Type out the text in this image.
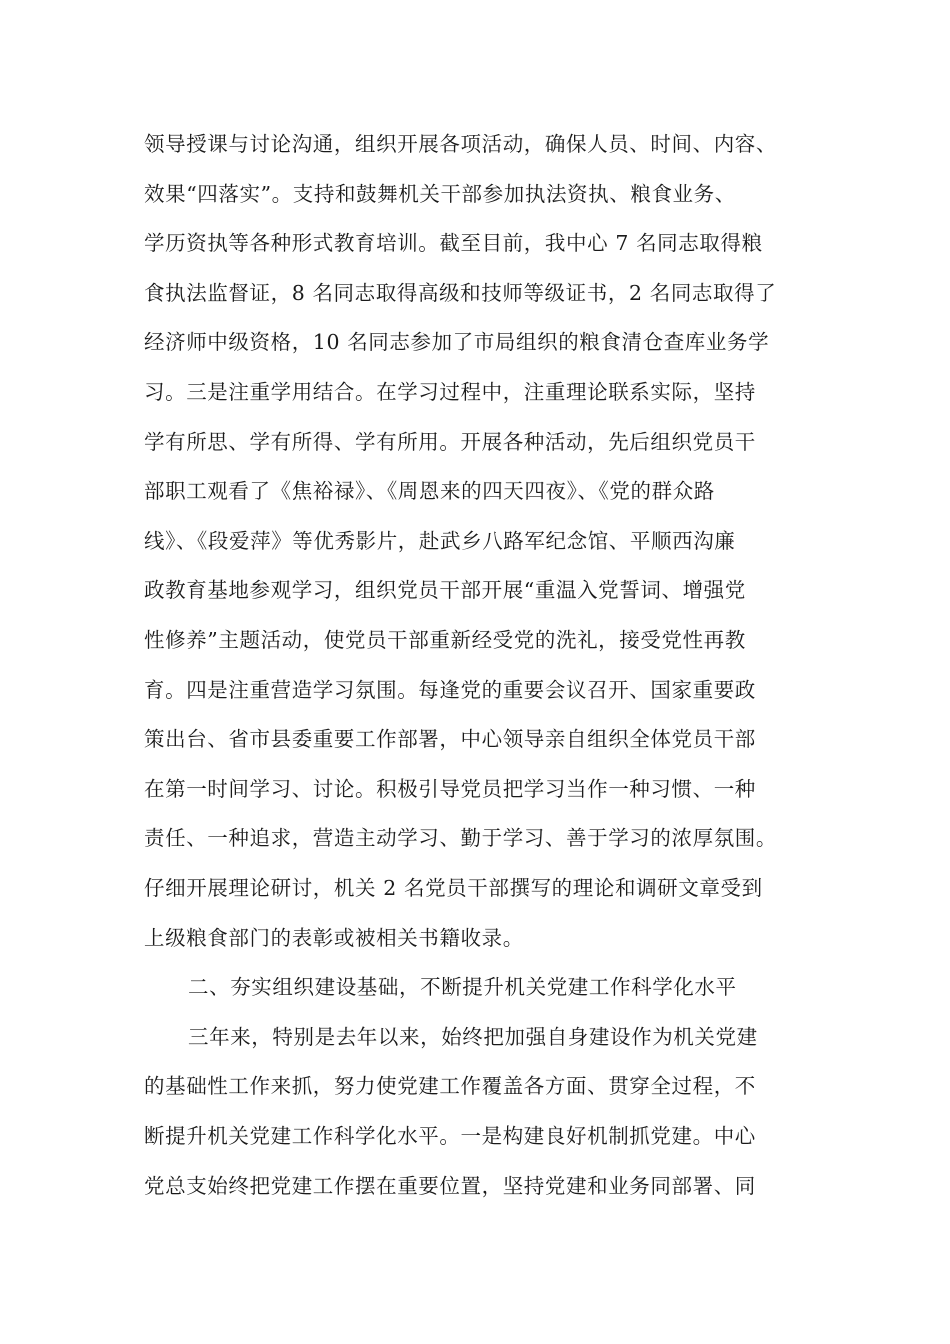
领导授课与讨论沟通，组织开展各项活动，确保人员、时间、内容、
效果“四落实”。支持和鼓舞机关干部参加执法资执、粮食业务、
学历资执等各种形式教育培训。截至目前，我中心 7 名同志取得粮
食执法监督证，8 名同志取得高级和技师等级证书，2 名同志取得了
经济师中级资格，10 名同志参加了市局组织的粮食清仓查库业务学
习。三是注重学用结合。在学习过程中，注重理论联系实际，坚持
学有所思、学有所得、学有所用。开展各种活动，先后组织党员干
部职工观看了《焦裕禄》、《周恩来的四天四夜》、《党的群众路
线》、《段爱萍》等优秀影片，赴武乡八路军纪念馆、平顺西沟廉
政教育基地参观学习，组织党员干部开展“重温入党誓词、增强党
性修养”主题活动，使党员干部重新经受党的洗礼，接受党性再教
育。四是注重营造学习氛围。每逢党的重要会议召开、国家重要政
策出台、省市县委重要工作部署，中心领导亲自组织全体党员干部
在第一时间学习、讨论。积极引导党员把学习当作一种习惯、一种
责任、一种追求，营造主动学习、勤于学习、善于学习的浓厚氛围。
仔细开展理论研讨，机关 2 名党员干部撰写的理论和调研文章受到
上级粮食部门的表彰或被相关书籍收录。
二、夯实组织建设基础，不断提升机关党建工作科学化水平
三年来，特别是去年以来，始终把加强自身建设作为机关党建
的基础性工作来抓，努力使党建工作覆盖各方面、贯穿全过程，不
断提升机关党建工作科学化水平。一是构建良好机制抓党建。中心
党总支始终把党建工作摆在重要位置，坚持党建和业务同部署、同
